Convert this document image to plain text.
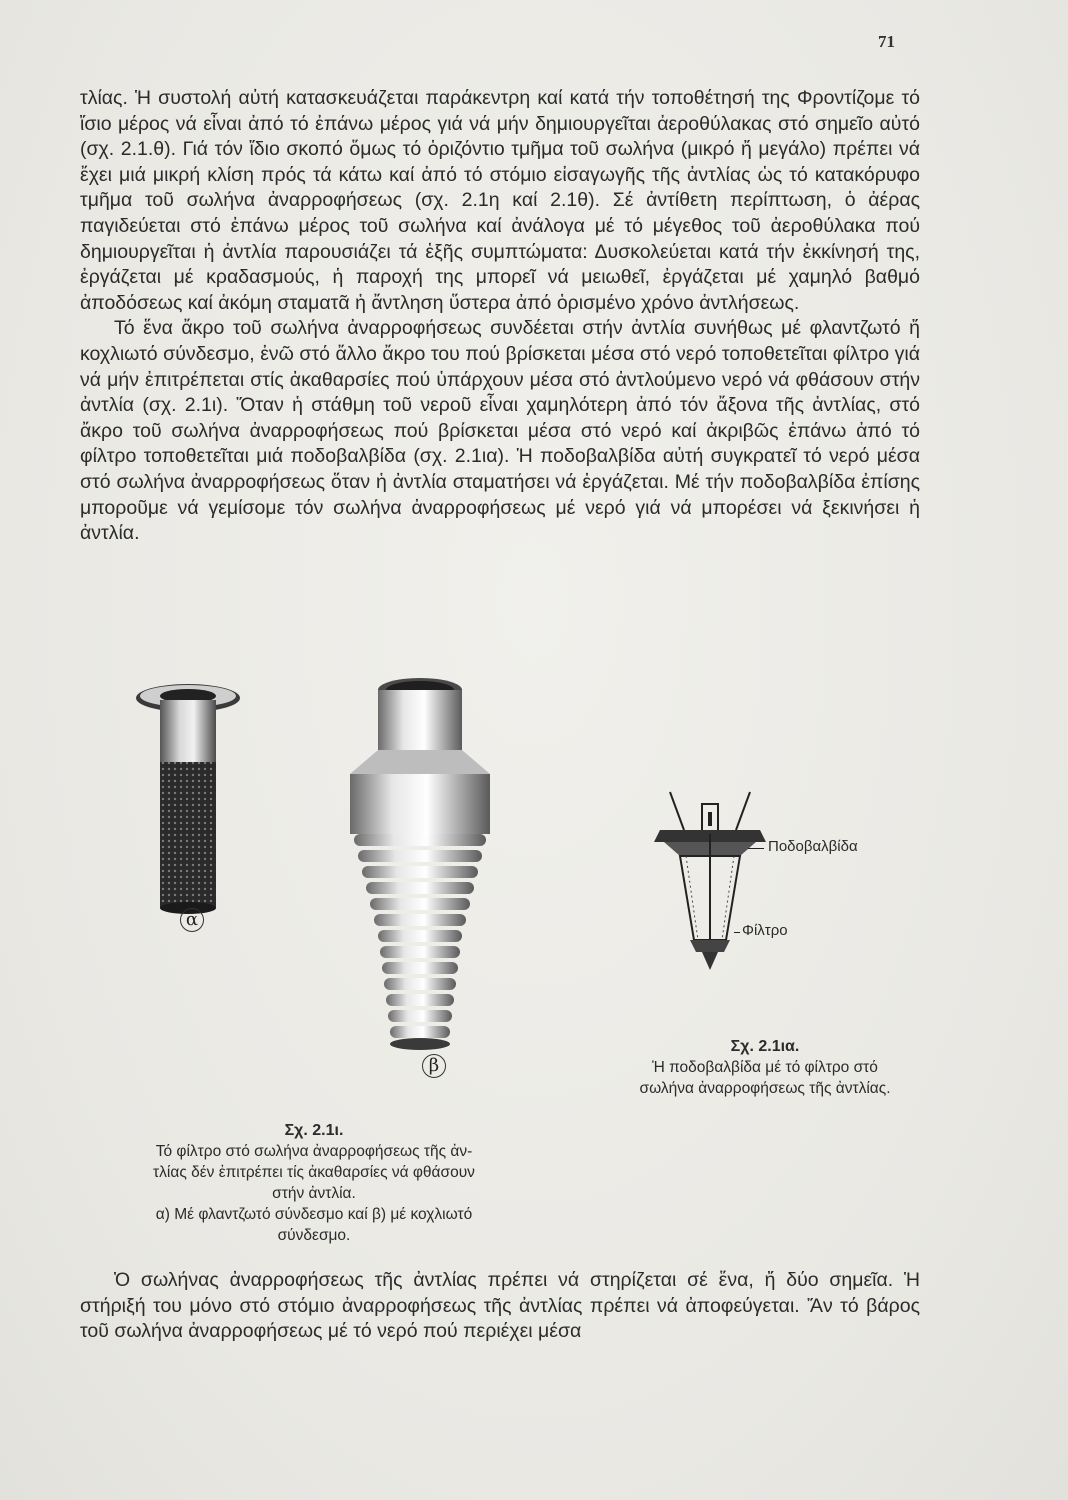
71

τλίας. Ἡ συστολή αὐτή κατασκευάζεται παράκεντρη καί κατά τήν τοποθέτησή της Φροντίζομε τό ἴσιο μέρος νά εἶναι ἀπό τό ἐπάνω μέρος γιά νά μήν δημιουργεῖται ἀεροθύλακας στό σημεῖο αὐτό (σχ. 2.1.θ). Γιά τόν ἴδιο σκοπό ὅμως τό ὁριζόντιο τμῆμα τοῦ σωλήνα (μικρό ἤ μεγάλο) πρέπει νά ἔχει μιά μικρή κλίση πρός τά κάτω καί ἀπό τό στόμιο εἰσαγωγῆς τῆς ἀντλίας ὡς τό κατακόρυφο τμῆμα τοῦ σωλήνα ἀναρροφήσεως (σχ. 2.1η καί 2.1θ). Σέ ἀντίθετη περίπτωση, ὁ ἀέρας παγιδεύεται στό ἐπάνω μέρος τοῦ σωλήνα καί ἀνάλογα μέ τό μέγεθος τοῦ ἀεροθύλακα πού δημιουργεῖται ἡ ἀντλία παρουσιάζει τά ἑξῆς συμπτώματα: Δυσκολεύεται κατά τήν ἐκκίνησή της, ἐργάζεται μέ κραδασμούς, ἡ παροχή της μπορεῖ νά μειωθεῖ, ἐργάζεται μέ χαμηλό βαθμό ἀποδόσεως καί ἀκόμη σταματᾶ ἡ ἄντληση ὕστερα ἀπό ὁρισμένο χρόνο ἀντλήσεως.

Τό ἕνα ἄκρο τοῦ σωλήνα ἀναρροφήσεως συνδέεται στήν ἀντλία συνήθως μέ φλαντζωτό ἤ κοχλιωτό σύνδεσμο, ἐνῶ στό ἄλλο ἄκρο του πού βρίσκεται μέσα στό νερό τοποθετεῖται φίλτρο γιά νά μήν ἐπιτρέπεται στίς ἀκαθαρσίες πού ὑπάρχουν μέσα στό ἀντλούμενο νερό νά φθάσουν στήν ἀντλία (σχ. 2.1ι). Ὅταν ἡ στάθμη τοῦ νεροῦ εἶναι χαμηλότερη ἀπό τόν ἄξονα τῆς ἀντλίας, στό ἄκρο τοῦ σωλήνα ἀναρροφήσεως πού βρίσκεται μέσα στό νερό καί ἀκριβῶς ἐπάνω ἀπό τό φίλτρο τοποθετεῖται μιά ποδοβαλβίδα (σχ. 2.1ια). Ἡ ποδοβαλβίδα αὐτή συγκρατεῖ τό νερό μέσα στό σωλήνα ἀναρροφήσεως ὅταν ἡ ἀντλία σταματήσει νά ἐργάζεται. Μέ τήν ποδοβαλβίδα ἐπίσης μποροῦμε νά γεμίσομε τόν σωλήνα ἀναρροφήσεως μέ νερό γιά νά μπορέσει νά ξεκινήσει ἡ ἀντλία.

α
β
Ποδοβαλβίδα
Φίλτρο
Σχ. 2.1ι.
Τό φίλτρο στό σωλήνα ἀναρροφήσεως τῆς ἀν-
τλίας δέν ἐπιτρέπει τίς ἀκαθαρσίες νά φθάσουν
στήν ἀντλία.
α) Μέ φλαντζωτό σύνδεσμο καί β) μέ κοχλιωτό
σύνδεσμο.
Σχ. 2.1ια.
Ἡ ποδοβαλβίδα μέ τό φίλτρο στό
σωλήνα ἀναρροφήσεως τῆς ἀντλίας.

Ὁ σωλήνας ἀναρροφήσεως τῆς ἀντλίας πρέπει νά στηρίζεται σέ ἕνα, ἤ δύο σημεῖα. Ἡ στήριξή του μόνο στό στόμιο ἀναρροφήσεως τῆς ἀντλίας πρέπει νά ἀποφεύγεται. Ἄν τό βάρος τοῦ σωλήνα ἀναρροφήσεως μέ τό νερό πού περιέχει μέσα
